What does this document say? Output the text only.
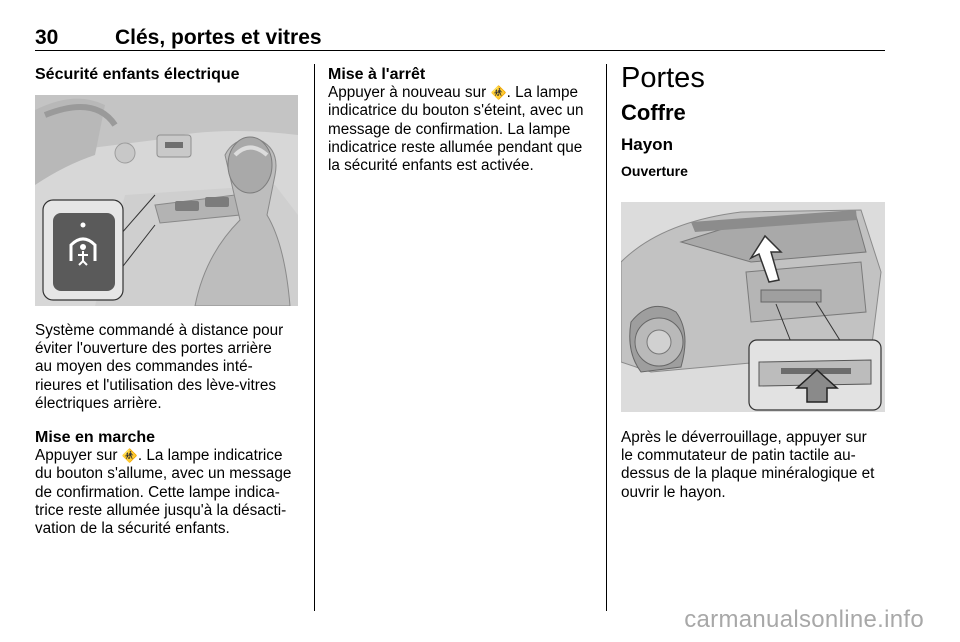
30	Clés, portes et vitres

Sécurité enfants électrique

Système commandé à distance pour

éviter l'ouverture des portes arrière

au moyen des commandes inté-

rieures et l'utilisation des lève-vitres

électriques arrière.

Mise en marche

Appuyer sur 🚸. La lampe indicatrice

du bouton s'allume, avec un message

de confirmation. Cette lampe indica-

trice reste allumée jusqu'à la désacti-

vation de la sécurité enfants.

Mise à l'arrêt

Appuyer à nouveau sur 🚸. La lampe

indicatrice du bouton s'éteint, avec un

message de confirmation. La lampe

indicatrice reste allumée pendant que

la sécurité enfants est activée.

Portes

Coffre

Hayon

Ouverture

Après le déverrouillage, appuyer sur

le commutateur de patin tactile au-

dessus de la plaque minéralogique et

ouvrir le hayon.

carmanualsonline.info
